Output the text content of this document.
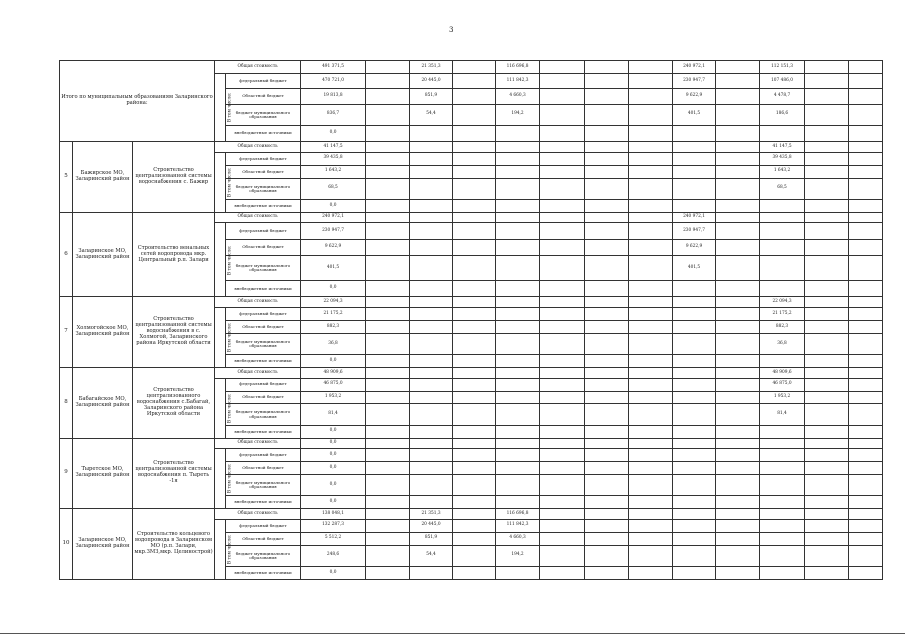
3
Итого по муниципальным образованиям Заларинского района:			Общая стоимость		491 371,5		21 351,3		116 696,8				240 972,1		112 151,3		
			В том числе:	федеральный бюджет	470 721,0		20 445,0		111 842,3				230 947,7		107 486,0		
				Областной бюджет	19 813,8		851,9		4 660,3				9 622,9		4 478,7		
				бюджет муниципального образования	836,7		54,4		194,2				401,5		186,6		
				внебюджетные источники	0,0												
5	Бажирское МО, Заларинский район	Строительство централизованной системы водоснабжения с. Бажир	Общая стоимость		41 147,5										41 147,5		
			В том числе:	федеральный бюджет	39 435,8										39 435,8		
				Областной бюджет	1 643,2										1 643,2		
				бюджет муниципального образования	68,5										68,5		
				внебюджетные источники	0,0												
6	Заларинское МО, Заларинский район	Строительство венальных сетей водопровода мкр. Центральный р.п. Залари	Общая стоимость		240 972,1								240 972,1				
			В том числе:	федеральный бюджет	230 947,7								230 947,7				
				Областной бюджет	9 622,9								9 622,9				
				бюджет муниципального образования	401,5								401,5				
				внебюджетные источники	0,0												
7	Холмогойское МО, Заларинский район	Строительство централизованной системы водоснабжения в с. Холмогой, Заларинского района Иркутской области	Общая стоимость		22 094,3										22 094,3		
			В том числе:	федеральный бюджет	21 175,2										21 175,2		
				Областной бюджет	882,3										882,3		
				бюджет муниципального образования	36,8										36,8		
				внебюджетные источники	0,0												
8	Бабагайское МО, Заларинский район	Строительство централизованного водоснабжения с.Бабагай, Заларинского района Иркутской области	Общая стоимость		48 909,6										48 909,6		
			В том числе:	федеральный бюджет	46 875,0										46 875,0		
				Областной бюджет	1 953,2										1 953,2		
				бюджет муниципального образования	81,4										81,4		
				внебюджетные источники	0,0												
9	Тыретское МО, Заларинский район	Строительство централизованной системы водоснабжения п. Тыреть -1я	Общая стоимость		0,0												
			В том числе:	федеральный бюджет	0,0												
				Областной бюджет	0,0												
				бюджет муниципального образования	0,0												
				внебюджетные источники	0,0												
10	Заларинское МО, Заларинский район	Строительство кольцевого водопровода в Заларинском МО (р.п. Залари, мкр.ЗМЗ,мкр. Целинострой)	Общая стоимость		138 048,1		21 351,3		116 696,8								
			В том числе:	федеральный бюджет	132 287,3		20 445,0		111 842,3								
				Областной бюджет	5 512,2		851,9		4 660,3								
				бюджет муниципального образования	248,6		54,4		194,2								
				внебюджетные источники	0,0												
